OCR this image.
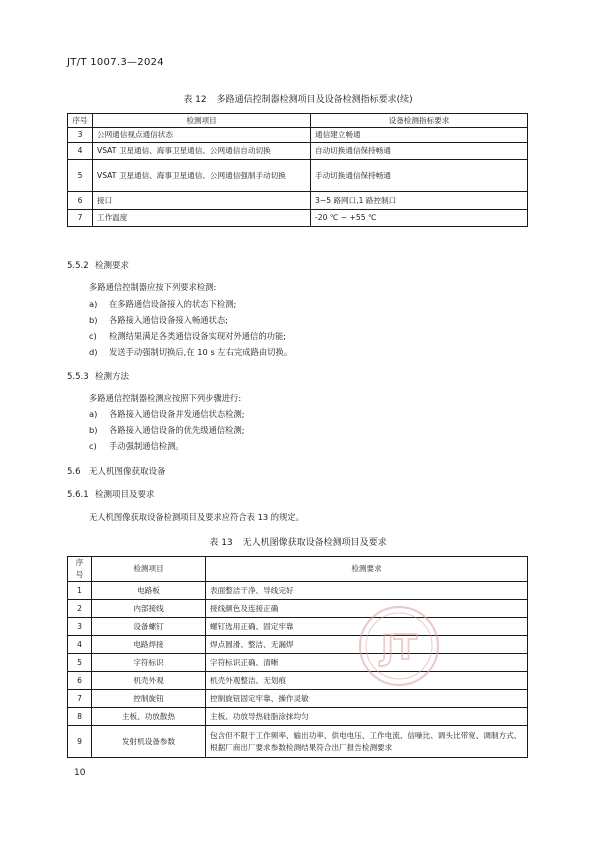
JT/T 1007.3—2024
表 12 多路通信控制器检测项目及设备检测指标要求(续)
序号	检测项目	设备检测指标要求
3	公网通信视点通信状态	通信建立畅通
4	VSAT 卫星通信、海事卫星通信、公网通信自动切换	自动切换通信保持畅通
5	VSAT 卫星通信、海事卫星通信、公网通信强制手动切换	手动切换通信保持畅通
6	接口	3~5 路网口,1 路控制口
7	工作温度	-20 ℃ ~ +55 ℃
5.5.2 检测要求
多路通信控制器应按下列要求检测:
a) 在多路通信设备接入的状态下检测;
b) 各路接入通信设备接入畅通状态;
c) 检测结果满足各类通信设备实现对外通信的功能;
d) 发送手动强制切换后,在 10 s 左右完成路由切换。
5.5.3 检测方法
多路通信控制器检测应按照下列步骤进行:
a) 各路接入通信设备并发通信状态检测;
b) 各路接入通信设备的优先级通信检测;
c) 手动强制通信检测。
5.6 无人机图像获取设备
5.6.1 检测项目及要求
无人机图像获取设备检测项目及要求应符合表 13 的规定。
表 13 无人机图像获取设备检测项目及要求
序号	检测项目	检测要求
1	电路板	表面整洁干净、导线完好
2	内部接线	接线颜色及连接正确
3	设备螺钉	螺钉选用正确、固定牢靠
4	电路焊接	焊点圆滑、整洁、无漏焊
5	字符标识	字符标识正确、清晰
6	机壳外观	机壳外观整洁、无划痕
7	控制旋钮	控制旋钮固定牢靠、操作灵敏
8	主板、功放散热	主板、功放导热硅脂涂抹均匀
9	发射机设备参数	包含但不限于工作频率、输出功率、供电电压、工作电流、信噪比、调头比带宽、调制方式、根据厂商出厂要求参数检测结果符合出厂报告检测要求
JT
10
